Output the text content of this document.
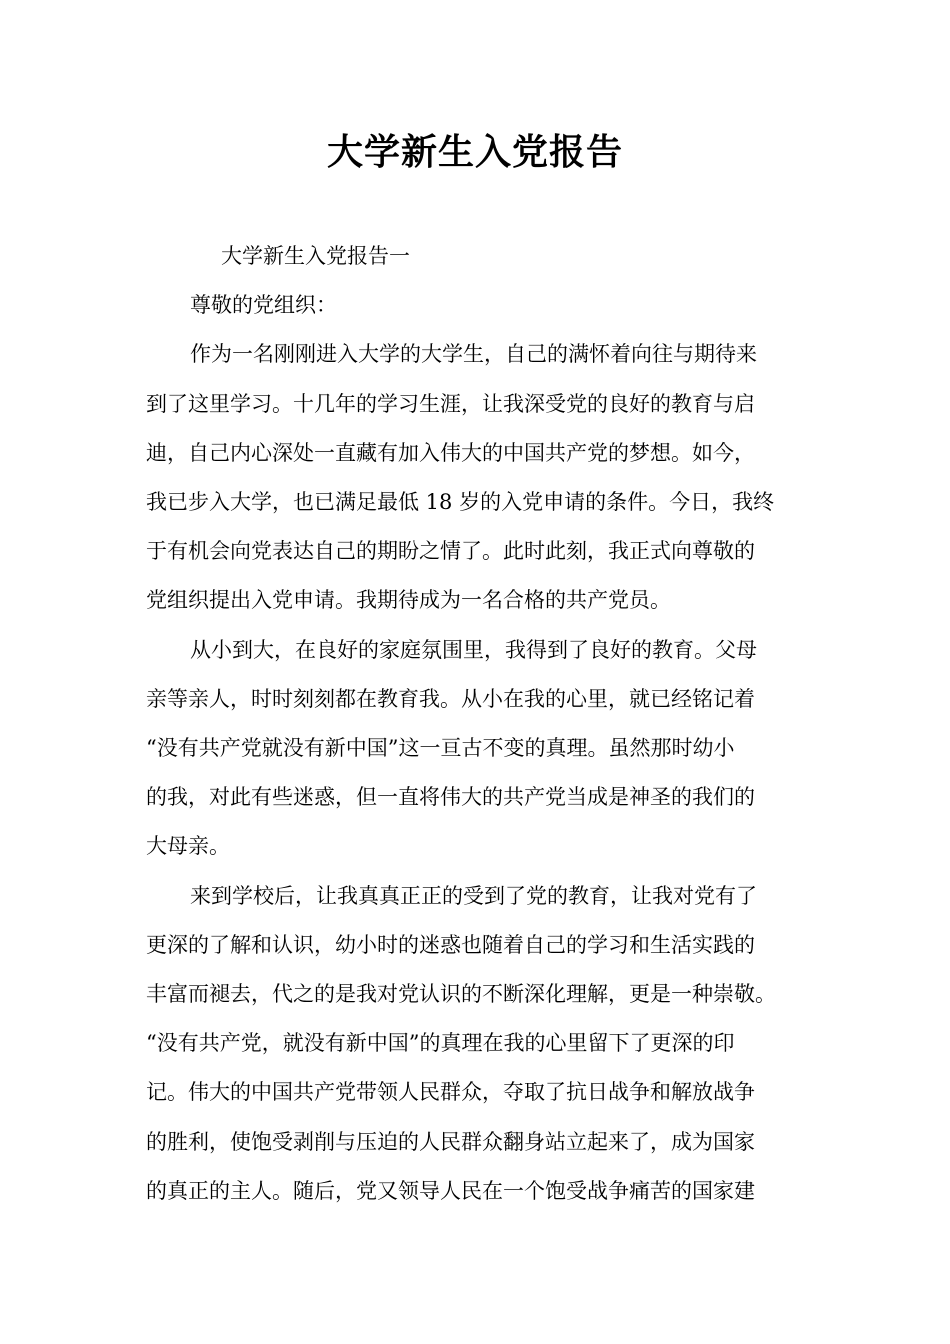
大学新生入党报告

大学新生入党报告一

尊敬的党组织：

作为一名刚刚进入大学的大学生，自己的满怀着向往与期待来
到了这里学习。十几年的学习生涯，让我深受党的良好的教育与启
迪，自己内心深处一直藏有加入伟大的中国共产党的梦想。如今，
我已步入大学，也已满足最低 18 岁的入党申请的条件。今日，我终
于有机会向党表达自己的期盼之情了。此时此刻，我正式向尊敬的
党组织提出入党申请。我期待成为一名合格的共产党员。
从小到大，在良好的家庭氛围里，我得到了良好的教育。父母
亲等亲人，时时刻刻都在教育我。从小在我的心里，就已经铭记着
“没有共产党就没有新中国”这一亘古不变的真理。虽然那时幼小
的我，对此有些迷惑，但一直将伟大的共产党当成是神圣的我们的
大母亲。
来到学校后，让我真真正正的受到了党的教育，让我对党有了
更深的了解和认识，幼小时的迷惑也随着自己的学习和生活实践的
丰富而褪去，代之的是我对党认识的不断深化理解，更是一种崇敬。
“没有共产党，就没有新中国”的真理在我的心里留下了更深的印
记。伟大的中国共产党带领人民群众，夺取了抗日战争和解放战争
的胜利，使饱受剥削与压迫的人民群众翻身站立起来了，成为国家
的真正的主人。随后，党又领导人民在一个饱受战争痛苦的国家建
